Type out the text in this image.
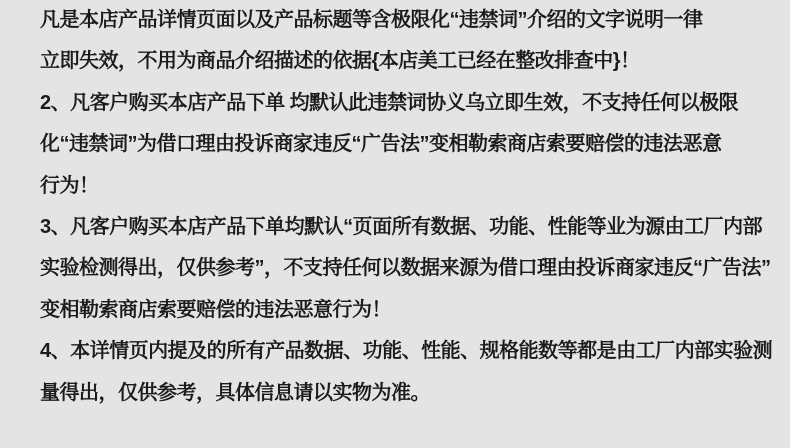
凡是本店产品详情页面以及产品标题等含极限化“违禁词”介绍的文字说明一律
立即失效，不用为商品介绍描述的依据{本店美工已经在整改排查中}！
2、凡客户购买本店产品下单 均默认此违禁词协义乌立即生效，不支持任何以极限
化“违禁词”为借口理由投诉商家违反“广告法”变相勒索商店索要赔偿的违法恶意
行为！
3、凡客户购买本店产品下单均默认“页面所有数据、功能、性能等业为源由工厂内部
实验检测得出，仅供参考”，不支持任何以数据来源为借口理由投诉商家违反“广告法”
变相勒索商店索要赔偿的违法恶意行为！
4、本详情页内提及的所有产品数据、功能、性能、规格能数等都是由工厂内部实验测
量得出，仅供参考，具体信息请以实物为准。
